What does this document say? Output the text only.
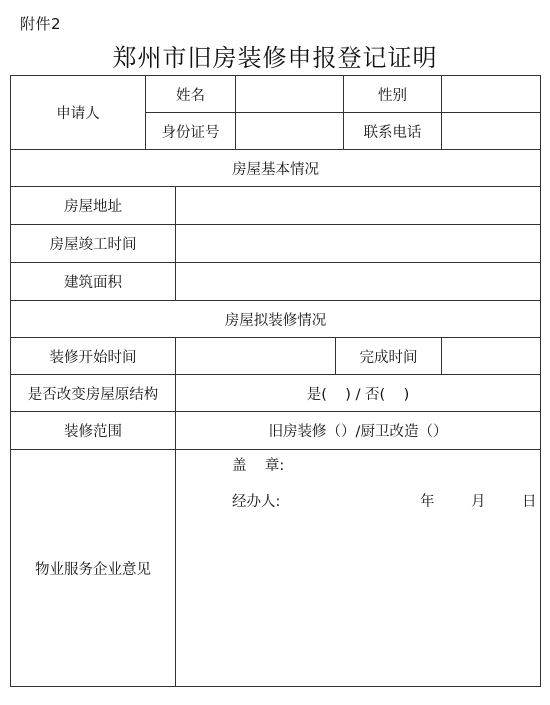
附件2
郑州市旧房装修申报登记证明
申请人	姓名				性别	
	身份证号				联系电话	
房屋基本情况						
房屋地址						
房屋竣工时间						
建筑面积						
房屋拟装修情况						
装修开始时间				完成时间		
是否改变房屋原结构		是(    ) / 否(    )				
装修范围		旧房装修（）/厨卫改造（）				
物业服务企业意见		盖    章:
经办人: 年 月 日				
